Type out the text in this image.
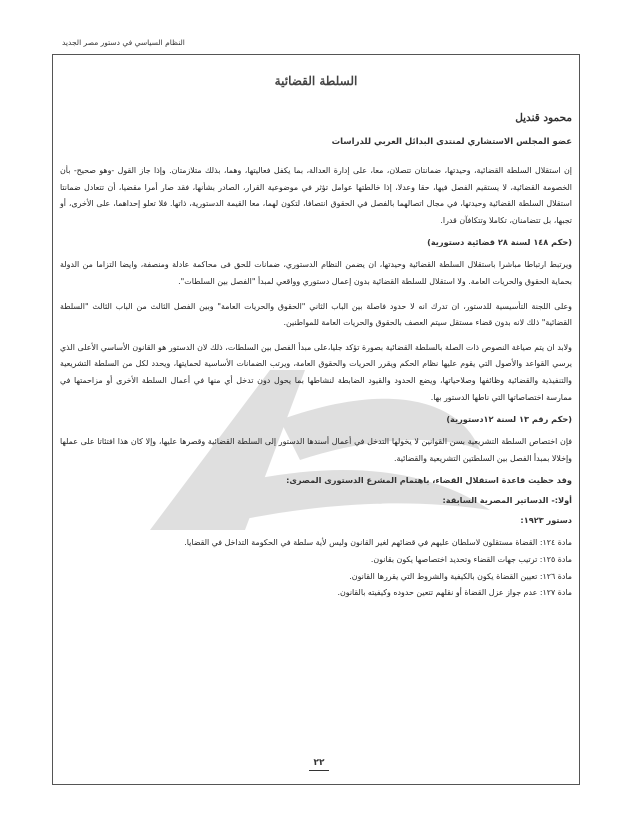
النظام السياسي في دستور مصر الجديد
السلطة القضائية
محمود قنديل
عضو المجلس الاستشاري لمنتدى البدائل العربي للدراسات

إن استقلال السلطة القضائية، وحيدتها، ضمانتان تتصلان، معا، على إدارة العدالة، بما يكفل فعاليتها، وهما، بذلك متلازمتان. وإذا جاز القول -وهو صحيح- بأن الخصومة القضائية، لا يستقيم الفصل فيها، حقا وعدلا، إذا خالطتها عوامل تؤثر في موضوعية القرار، الصادر بشأنها، فقد صار أمرا مقضيا، أن تتعادل ضمانتا استقلال السلطة القضائية وحيدتها، في مجال اتصالهما بالفصل في الحقوق انتصافا، لتكون لهما، معا القيمة الدستورية، ذاتها. فلا تعلو إحداهما، على الأخرى، أو تجبها، بل تتضامنان، تكاملا وتتكافآن قدرا.

(حكم ١٤٨ لسنة ٢٨ قضائية دستورية)

ويرتبط ارتباطا مباشرا باستقلال السلطة القضائية وحيدتها، ان يضمن النظام الدستوري، ضمانات للحق فى محاكمة عادلة ومنصفة، وايضا التزاما من الدولة بحماية الحقوق والحريات العامة. ولا استقلال للسلطة القضائية بدون إعمال دستوري وواقعي لمبدأ "الفصل بين السلطات".

وعلى اللجنة التأسيسية للدستور، ان تدرك انه لا حدود فاصلة بين الباب الثاني "الحقوق والحريات العامة" وبين الفصل الثالث من الباب الثالث "السلطة القضائية" ذلك لانه بدون قضاء مستقل سيتم العصف بالحقوق والحريات العامة للمواطنين.

ولابد ان يتم صياغة النصوص ذات الصلة بالسلطة القضائية بصورة تؤكد جليا،على مبدأ الفصل بين السلطات، ذلك لان الدستور هو القانون الأساسي الأعلى الذي يرسي القواعد والأصول التي يقوم عليها نظام الحكم ويقرر الحريات والحقوق العامة، ويرتب الضمانات الأساسية لحمايتها، ويحدد لكل من السلطة التشريعية والتنفيذية والقضائية وظائفها وصلاحياتها، ويضع الحدود والقيود الضابطة لنشاطها بما يحول دون تدخل أي منها في أعمال السلطة الأخرى أو مزاحمتها في ممارسة اختصاصاتها التي ناطها الدستور بها.

(حكم رقم ١٣ لسنة ١٢دستورية)

فإن اختصاص السلطة التشريعية بسن القوانين لا يخولها التدخل في أعمال أسندها الدستور إلى السلطة القضائية وقصرها عليها، وإلا كان هذا افتئاتا على عملها وإخلالا بمبدأ الفصل بين السلطتين التشريعية والقضائية.

وقد حظيت قاعدة استقلال القضاء، باهتمام المشرع الدستورى المصرى:
أولا:- الدساتير المصرية السابقة:
دستور ١٩٢٣:

مادة ١٢٤: القضاة مستقلون لاسلطان عليهم في قضائهم لغير القانون وليس لأية سلطة في الحكومة التداخل في القضايا.

مادة ١٢٥: ترتيب جهات القضاء وتحديد اختصاصها يكون بقانون.

مادة ١٢٦: تعيين القضاة يكون بالكيفية والشروط التي يقررها القانون.

مادة ١٢٧: عدم جواز عزل القضاة أو نقلهم تتعين حدوده وكيفيته بالقانون.

٢٢
